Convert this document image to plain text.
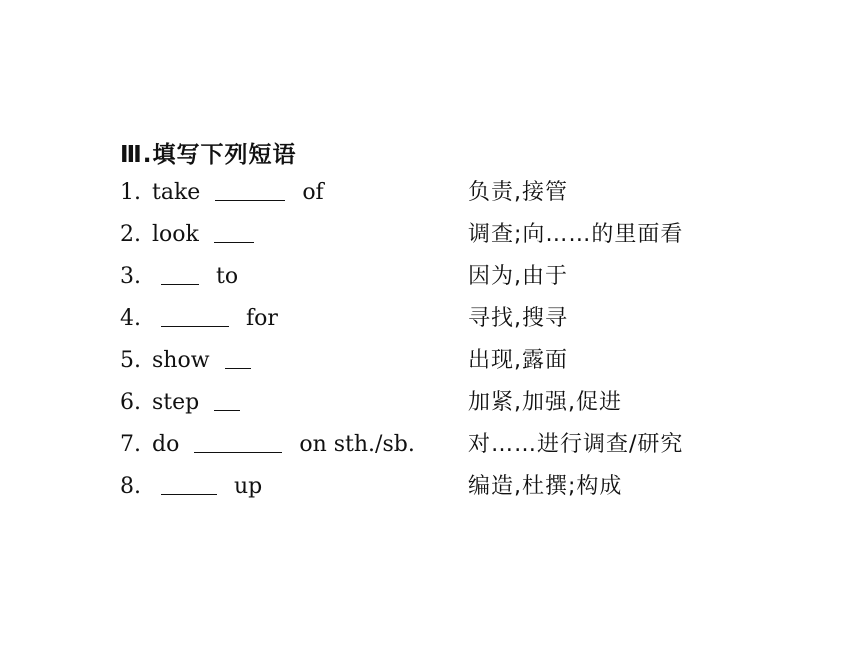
Ⅲ.填写下列短语
1. take	of	负责,接管
2. look	调查;向……的里面看
3.	to	因为,由于
4.	for	寻找,搜寻
5. show	出现,露面
6. step	加紧,加强,促进
7. do	on sth./sb.	对……进行调查/研究
8.	up	编造,杜撰;构成
